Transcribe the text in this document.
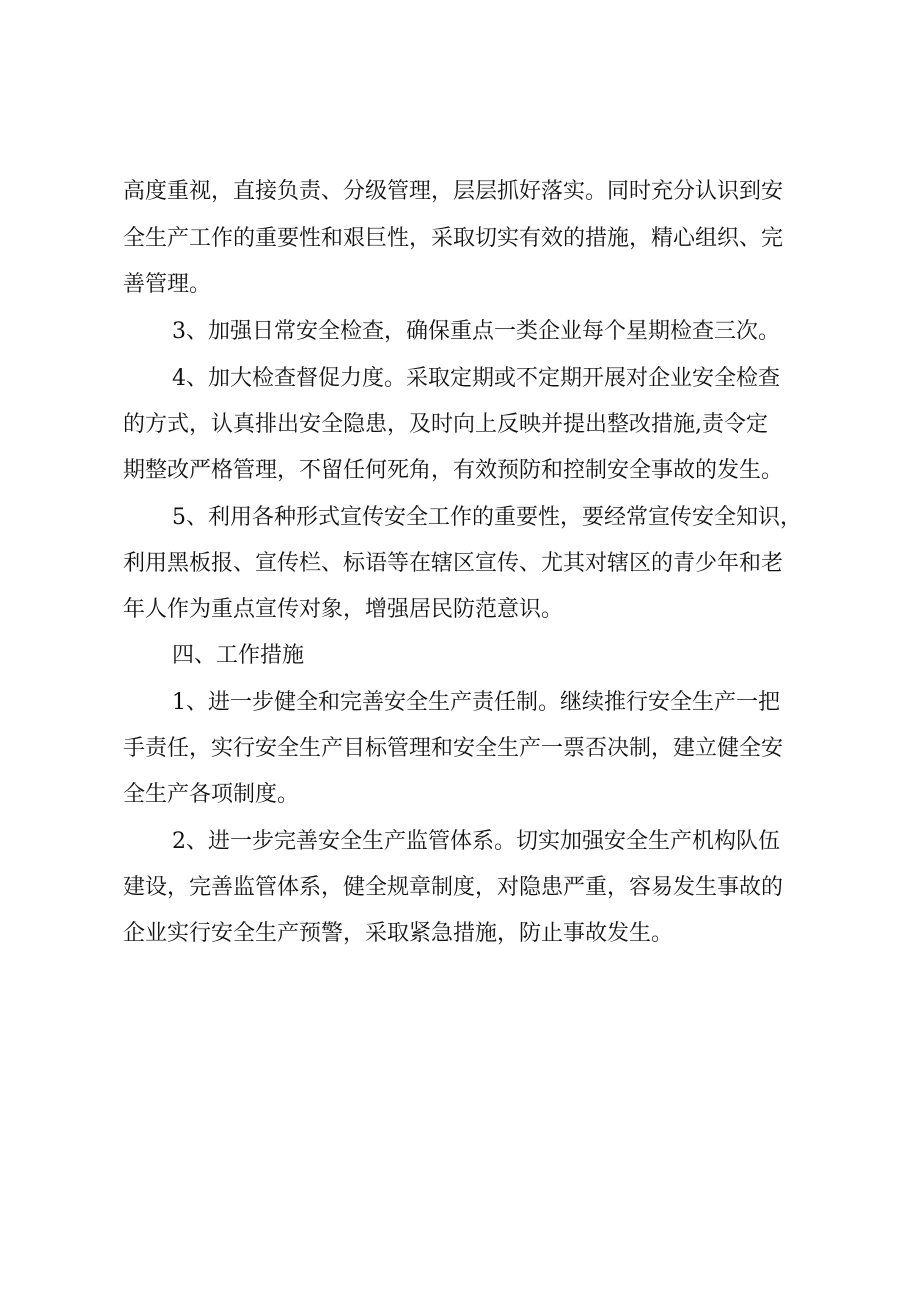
高度重视，直接负责、分级管理，层层抓好落实。同时充分认识到安
全生产工作的重要性和艰巨性，采取切实有效的措施，精心组织、完
善管理。
3、加强日常安全检查，确保重点一类企业每个星期检查三次。
4、加大检查督促力度。采取定期或不定期开展对企业安全检查
的方式，认真排出安全隐患，及时向上反映并提出整改措施,责令定
期整改严格管理，不留任何死角，有效预防和控制安全事故的发生。
5、利用各种形式宣传安全工作的重要性，要经常宣传安全知识，
利用黑板报、宣传栏、标语等在辖区宣传、尤其对辖区的青少年和老
年人作为重点宣传对象，增强居民防范意识。
四、工作措施
1、进一步健全和完善安全生产责任制。继续推行安全生产一把
手责任，实行安全生产目标管理和安全生产一票否决制，建立健全安
全生产各项制度。
2、进一步完善安全生产监管体系。切实加强安全生产机构队伍
建设，完善监管体系，健全规章制度，对隐患严重，容易发生事故的
企业实行安全生产预警，采取紧急措施，防止事故发生。
